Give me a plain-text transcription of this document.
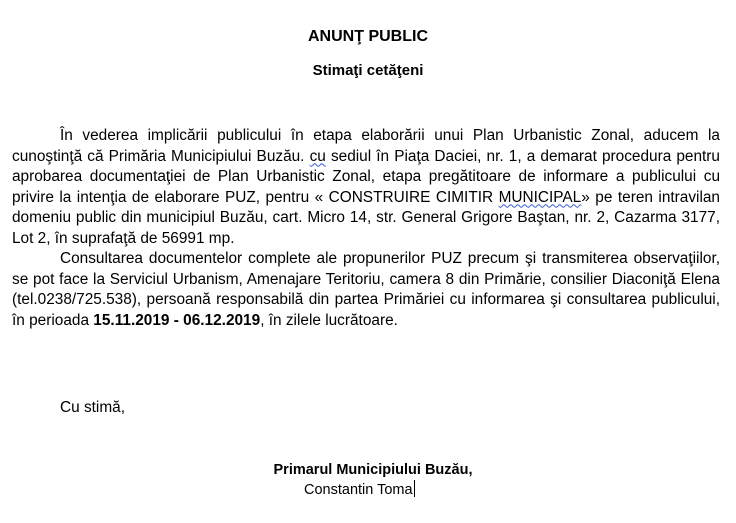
ANUNŢ PUBLIC
Stimaţi cetăţeni

În vederea implicării publicului în etapa elaborării unui Plan Urbanistic Zonal, aducem la cunoştinţă că Primăria Municipiului Buzău. cu sediul în Piaţa Daciei, nr. 1, a demarat procedura pentru aprobarea documentaţiei de Plan Urbanistic Zonal, etapa pregătitoare de informare a publicului cu privire la intenţia de elaborare PUZ, pentru « CONSTRUIRE CIMITIR MUNICIPAL» pe teren intravilan domeniu public din municipiul Buzău, cart. Micro 14, str. General Grigore Baştan, nr. 2, Cazarma 3177, Lot 2, în suprafaţă de 56991 mp.

Consultarea documentelor complete ale propunerilor PUZ precum şi transmiterea observaţiilor, se pot face la Serviciul Urbanism, Amenajare Teritoriu, camera 8 din Primărie, consilier Diaconiţă Elena (tel.0238/725.538), persoană responsabilă din partea Primăriei cu informarea şi consultarea publicului, în perioada 15.11.2019 - 06.12.2019, în zilele lucrătoare.

Cu stimă,
Primarul Municipiului Buzău,
Constantin Toma
